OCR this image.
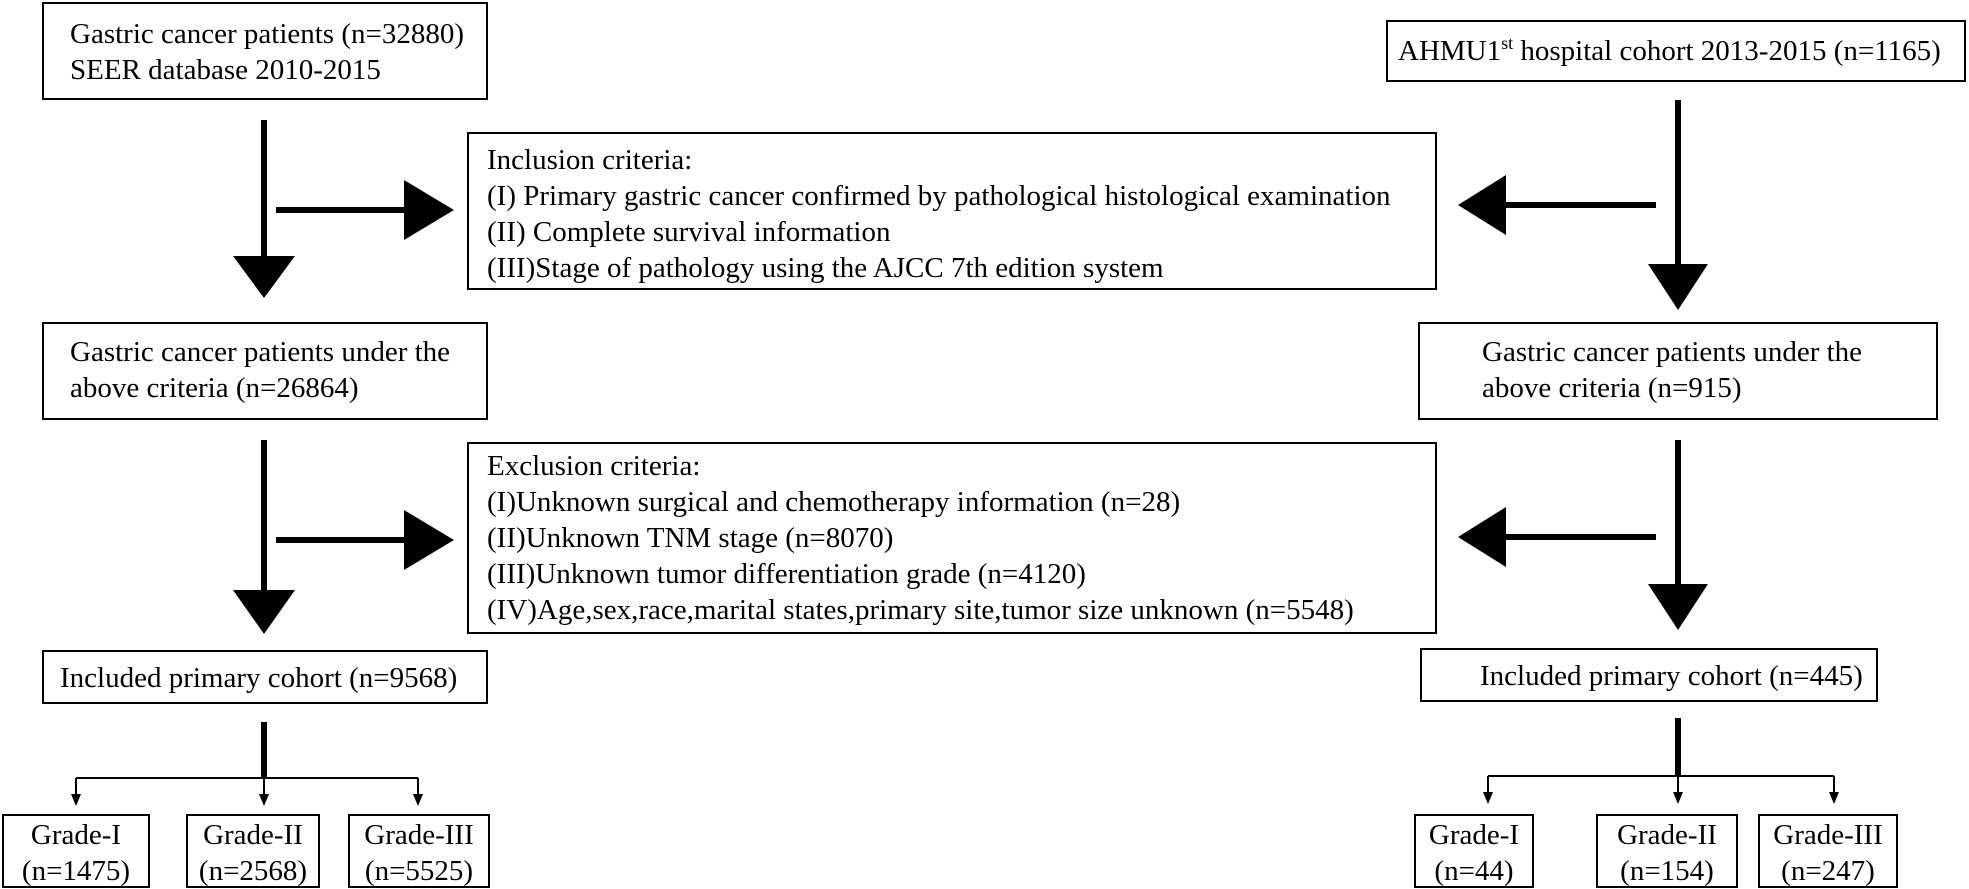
Gastric cancer patients (n=32880)
SEER database 2010-2015
Gastric cancer patients under the
above criteria (n=26864)
Included primary cohort (n=9568)
Grade-I
(n=1475)
Grade-II
(n=2568)
Grade-III
(n=5525)
Inclusion criteria:
(I) Primary gastric cancer confirmed by pathological histological examination
(II) Complete survival information
(III)Stage of pathology using the AJCC 7th edition system
Exclusion criteria:
(I)Unknown surgical and chemotherapy information (n=28)
(II)Unknown TNM stage (n=8070)
(III)Unknown tumor differentiation grade (n=4120)
(IV)Age,sex,race,marital states,primary site,tumor size unknown (n=5548)
AHMU1st hospital cohort 2013-2015 (n=1165)
Gastric cancer patients under the
above criteria (n=915)
Included primary cohort (n=445)
Grade-I
(n=44)
Grade-II
(n=154)
Grade-III
(n=247)
